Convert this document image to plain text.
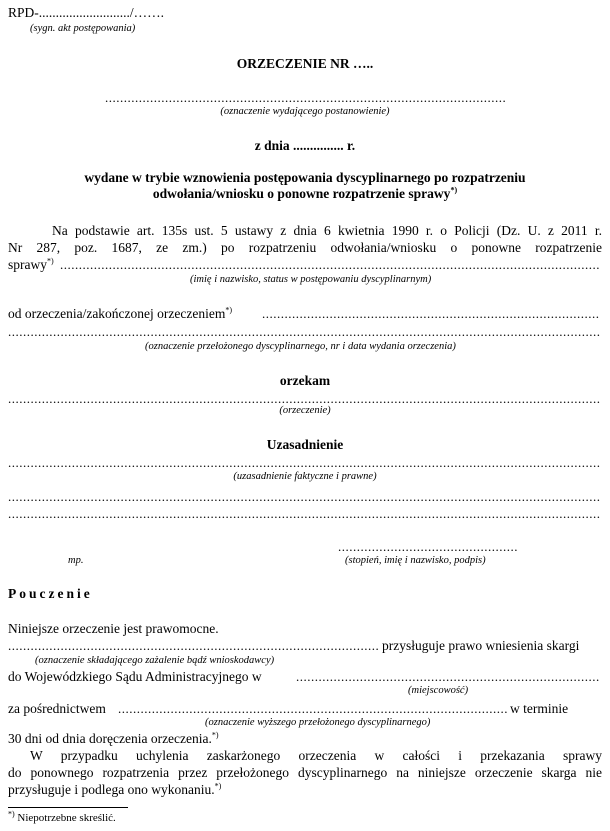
RPD-.........................../…….
(sygn. akt postępowania)
ORZECZENIE NR …..
.....
(oznaczenie wydającego postanowienie)
z dnia ............... r.
wydane w trybie wznowienia postępowania dyscyplinarnego po rozpatrzeniu
odwołania/wniosku o ponowne rozpatrzenie sprawy*)
Na podstawie art. 135s ust. 5 ustawy z dnia 6 kwietnia 1990 r. o Policji (Dz. U. z 2011 r.
Nr 287, poz. 1687, ze zm.) po rozpatrzeniu odwołania/wniosku o ponowne rozpatrzenie
sprawy*)
.....
(imię i nazwisko, status w postępowaniu dyscyplinarnym)
od orzeczenia/zakończonej orzeczeniem*)
.....
.....
(oznaczenie przełożonego dyscyplinarnego, nr i data wydania orzeczenia)
orzekam
.....
(orzeczenie)
Uzasadnienie
.....
(uzasadnienie faktyczne i prawne)
.....
.....
.....
mp.	(stopień, imię i nazwisko, podpis)
Pouczenie
Niniejsze orzeczenie jest prawomocne.
.....
przysługuje prawo wniesienia skargi
(oznaczenie składającego zażalenie bądź wnioskodawcy)
do Wojewódzkiego Sądu Administracyjnego w
.....
(miejscowość)
za pośrednictwem
.....	w terminie
(oznaczenie wyższego przełożonego dyscyplinarnego)
30 dni od dnia doręczenia orzeczenia.*)
W przypadku uchylenia zaskarżonego orzeczenia w całości i przekazania sprawy
do ponownego rozpatrzenia przez przełożonego dyscyplinarnego na niniejsze orzeczenie skarga nie
przysługuje i podlega ono wykonaniu.*)
*) Niepotrzebne skreślić.
